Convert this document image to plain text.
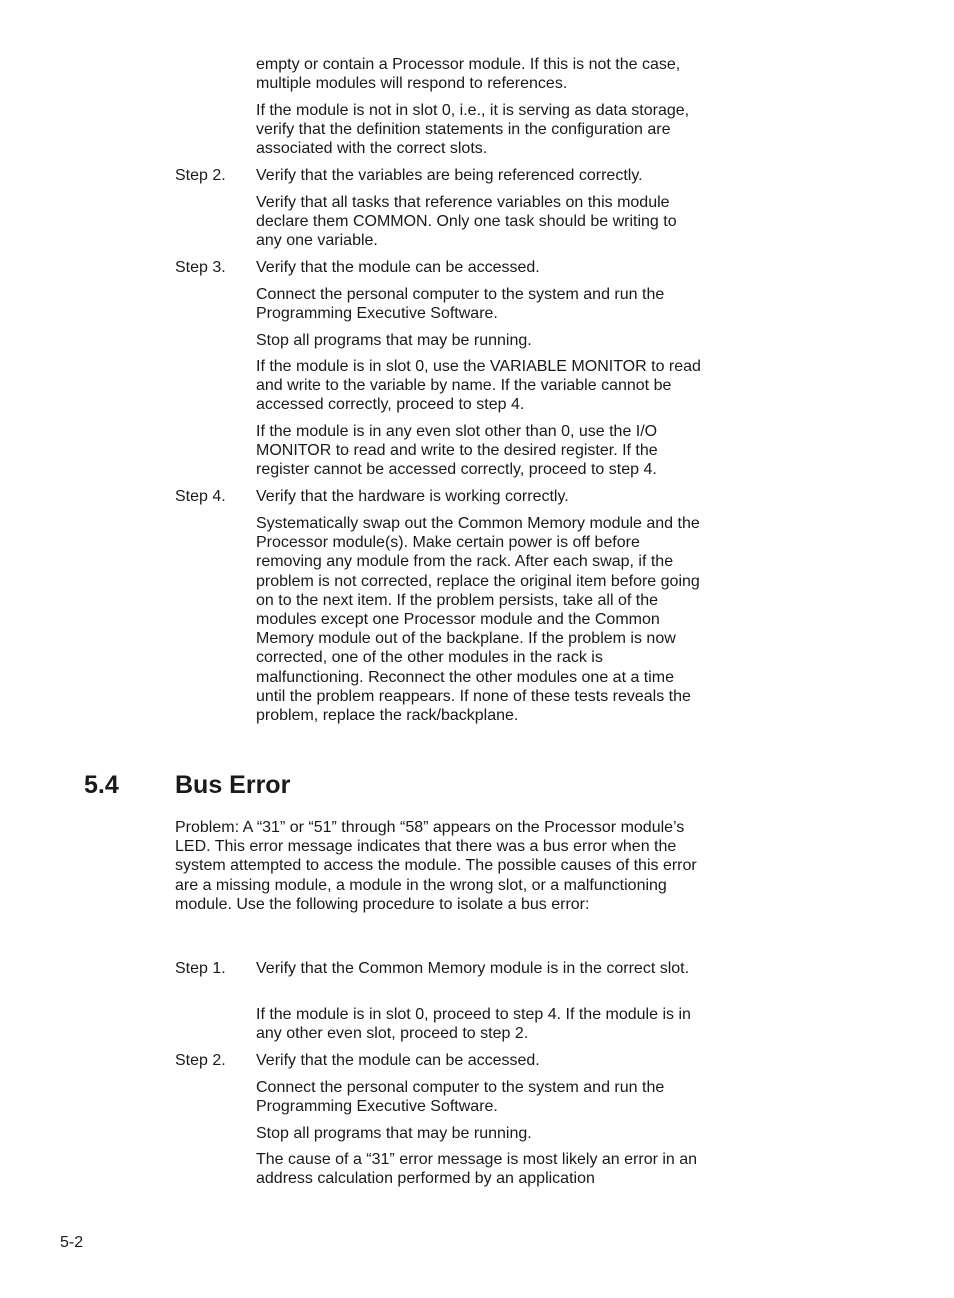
empty or contain a Processor module. If this is not the case, multiple modules will respond to references.

If the module is not in slot 0, i.e., it is serving as data storage, verify that the definition statements in the configuration are associated with the correct slots.

Step 2. Verify that the variables are being referenced correctly.

Verify that all tasks that reference variables on this module declare them COMMON. Only one task should be writing to any one variable.

Step 3. Verify that the module can be accessed.

Connect the personal computer to the system and run the Programming Executive Software.

Stop all programs that may be running.

If the module is in slot 0, use the VARIABLE MONITOR to read and write to the variable by name. If the variable cannot be accessed correctly, proceed to step 4.

If the module is in any even slot other than 0, use the I/O MONITOR to read and write to the desired register. If the register cannot be accessed correctly, proceed to step 4.

Step 4. Verify that the hardware is working correctly.

Systematically swap out the Common Memory module and the Processor module(s). Make certain power is off before removing any module from the rack. After each swap, if the problem is not corrected, replace the original item before going on to the next item. If the problem persists, take all of the modules except one Processor module and the Common Memory module out of the backplane. If the problem is now corrected, one of the other modules in the rack is malfunctioning. Reconnect the other modules one at a time until the problem reappears. If none of these tests reveals the problem, replace the rack/backplane.

5.4 Bus Error

Problem: A “31” or “51” through “58” appears on the Processor module’s LED. This error message indicates that there was a bus error when the system attempted to access the module. The possible causes of this error are a missing module, a module in the wrong slot, or a malfunctioning module. Use the following procedure to isolate a bus error:

Step 1. Verify that the Common Memory module is in the correct slot.

If the module is in slot 0, proceed to step 4. If the module is in any other even slot, proceed to step 2.

Step 2. Verify that the module can be accessed.

Connect the personal computer to the system and run the Programming Executive Software.

Stop all programs that may be running.

The cause of a “31” error message is most likely an error in an address calculation performed by an application

5-2
